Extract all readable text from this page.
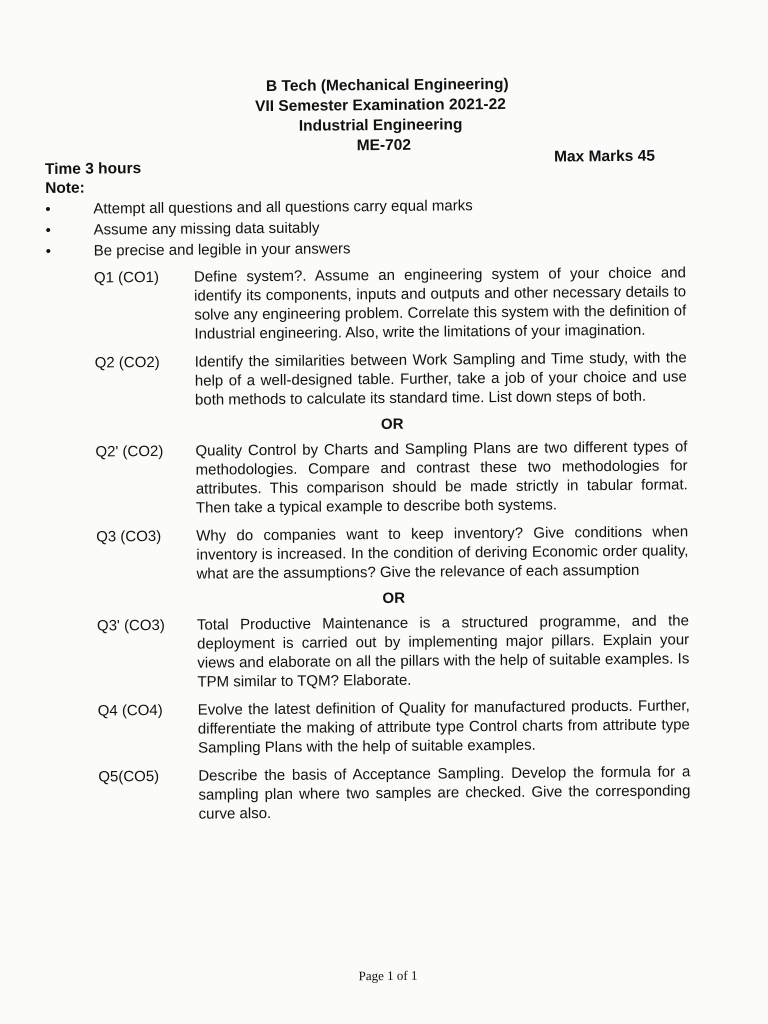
B Tech (Mechanical Engineering)
VII Semester Examination 2021-22
Industrial Engineering
ME-702
Time 3 hours
Max Marks 45
Note:
•	Attempt all questions and all questions carry equal marks
•	Assume any missing data suitably
•	Be precise and legible in your answers
Q1 (CO1)	Define system?. Assume an engineering system of your choice and identify its components, inputs and outputs and other necessary details to solve any engineering problem. Correlate this system with the definition of Industrial engineering. Also, write the limitations of your imagination.
Q2 (CO2)	Identify the similarities between Work Sampling and Time study, with the help of a well-designed table. Further, take a job of your choice and use both methods to calculate its standard time. List down steps of both.
OR
Q2' (CO2)	Quality Control by Charts and Sampling Plans are two different types of methodologies. Compare and contrast these two methodologies for attributes. This comparison should be made strictly in tabular format. Then take a typical example to describe both systems.
Q3 (CO3)	Why do companies want to keep inventory? Give conditions when inventory is increased. In the condition of deriving Economic order quality, what are the assumptions? Give the relevance of each assumption
OR
Q3' (CO3)	Total Productive Maintenance is a structured programme, and the deployment is carried out by implementing major pillars. Explain your views and elaborate on all the pillars with the help of suitable examples. Is TPM similar to TQM? Elaborate.
Q4 (CO4)	Evolve the latest definition of Quality for manufactured products. Further, differentiate the making of attribute type Control charts from attribute type Sampling Plans with the help of suitable examples.
Q5(CO5)	Describe the basis of Acceptance Sampling. Develop the formula for a sampling plan where two samples are checked. Give the corresponding curve also.
Page 1 of 1
